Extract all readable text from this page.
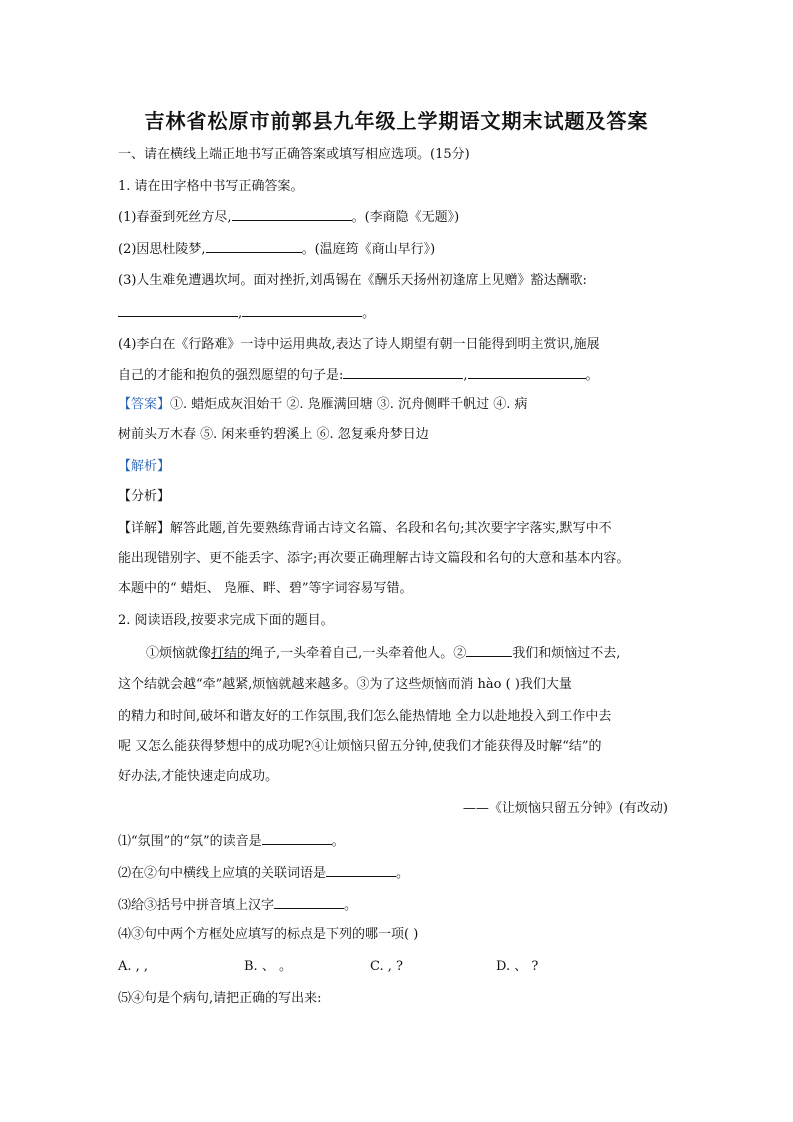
吉林省松原市前郭县九年级上学期语文期末试题及答案
一、请在横线上端正地书写正确答案或填写相应选项。(15分)
1. 请在田字格中书写正确答案。
(1)春蚕到死丝方尽,	。(李商隐《无题》)
(2)因思杜陵梦,	。(温庭筠《商山早行》)
(3)人生难免遭遇坎坷。面对挫折,刘禹锡在《酬乐天扬州初逢席上见赠》豁达酬歌:
,	。
(4)李白在《行路难》一诗中运用典故,表达了诗人期望有朝一日能得到明主赏识,施展
自己的才能和抱负的强烈愿望的句子是:	,	。
【答案】①. 蜡炬成灰泪始干 ②. 凫雁满回塘 ③. 沉舟侧畔千帆过 ④. 病
树前头万木春 ⑤. 闲来垂钓碧溪上 ⑥. 忽复乘舟梦日边
【解析】
【分析】
【详解】解答此题,首先要熟练背诵古诗文名篇、名段和名句;其次要字字落实,默写中不
能出现错别字、更不能丢字、添字;再次要正确理解古诗文篇段和名句的大意和基本内容。
本题中的“ 蜡炬、 凫雁、畔、碧”等字词容易写错。
2. 阅读语段,按要求完成下面的题目。
①烦恼就像打结的绳子,一头牵着自己,一头牵着他人。②	我们和烦恼过不去,
这个结就会越“牵”越紧,烦恼就越来越多。③为了这些烦恼而消 hào ( )我们大量
的精力和时间,破坏和谐友好的工作氛围,我们怎么能热情地 全力以赴地投入到工作中去
呢 又怎么能获得梦想中的成功呢?④让烦恼只留五分钟,使我们才能获得及时解“结”的
好办法,才能快速走向成功。
——《让烦恼只留五分钟》(有改动)
⑴“氛围”的“氛”的读音是	。
⑵在②句中横线上应填的关联词语是	。
⑶给③括号中拼音填上汉字	。
⑷③句中两个方框处应填写的标点是下列的哪一项( )
A. , ,	B. 、 。	C. , ?	D. 、 ?
⑸④句是个病句,请把正确的写出来:
